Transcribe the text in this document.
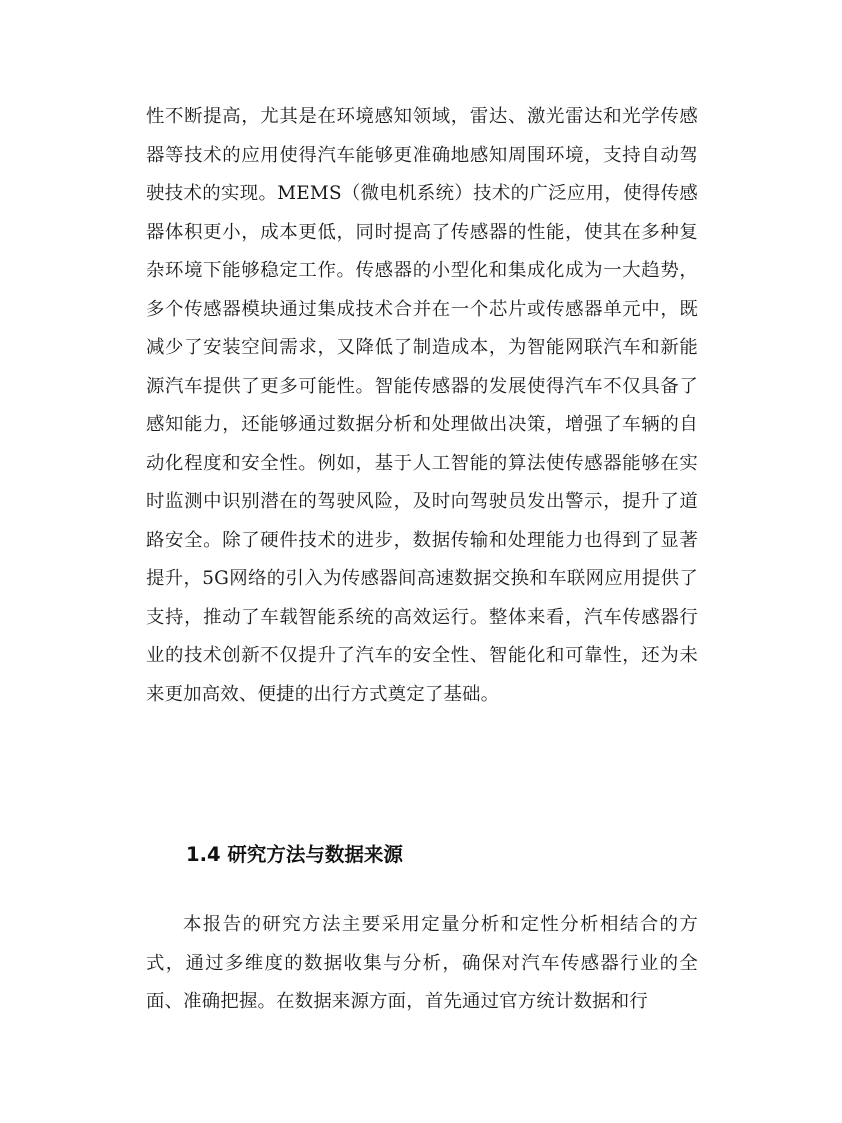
性不断提高，尤其是在环境感知领域，雷达、激光雷达和光学传感器等技术的应用使得汽车能够更准确地感知周围环境，支持自动驾驶技术的实现。MEMS（微电机系统）技术的广泛应用，使得传感器体积更小，成本更低，同时提高了传感器的性能，使其在多种复杂环境下能够稳定工作。传感器的小型化和集成化成为一大趋势，多个传感器模块通过集成技术合并在一个芯片或传感器单元中，既减少了安装空间需求，又降低了制造成本，为智能网联汽车和新能源汽车提供了更多可能性。智能传感器的发展使得汽车不仅具备了感知能力，还能够通过数据分析和处理做出决策，增强了车辆的自动化程度和安全性。例如，基于人工智能的算法使传感器能够在实时监测中识别潜在的驾驶风险，及时向驾驶员发出警示，提升了道路安全。除了硬件技术的进步，数据传输和处理能力也得到了显著提升，5G网络的引入为传感器间高速数据交换和车联网应用提供了支持，推动了车载智能系统的高效运行。整体来看，汽车传感器行业的技术创新不仅提升了汽车的安全性、智能化和可靠性，还为未来更加高效、便捷的出行方式奠定了基础。

1.4 研究方法与数据来源

本报告的研究方法主要采用定量分析和定性分析相结合的方式，通过多维度的数据收集与分析，确保对汽车传感器行业的全面、准确把握。在数据来源方面，首先通过官方统计数据和行
